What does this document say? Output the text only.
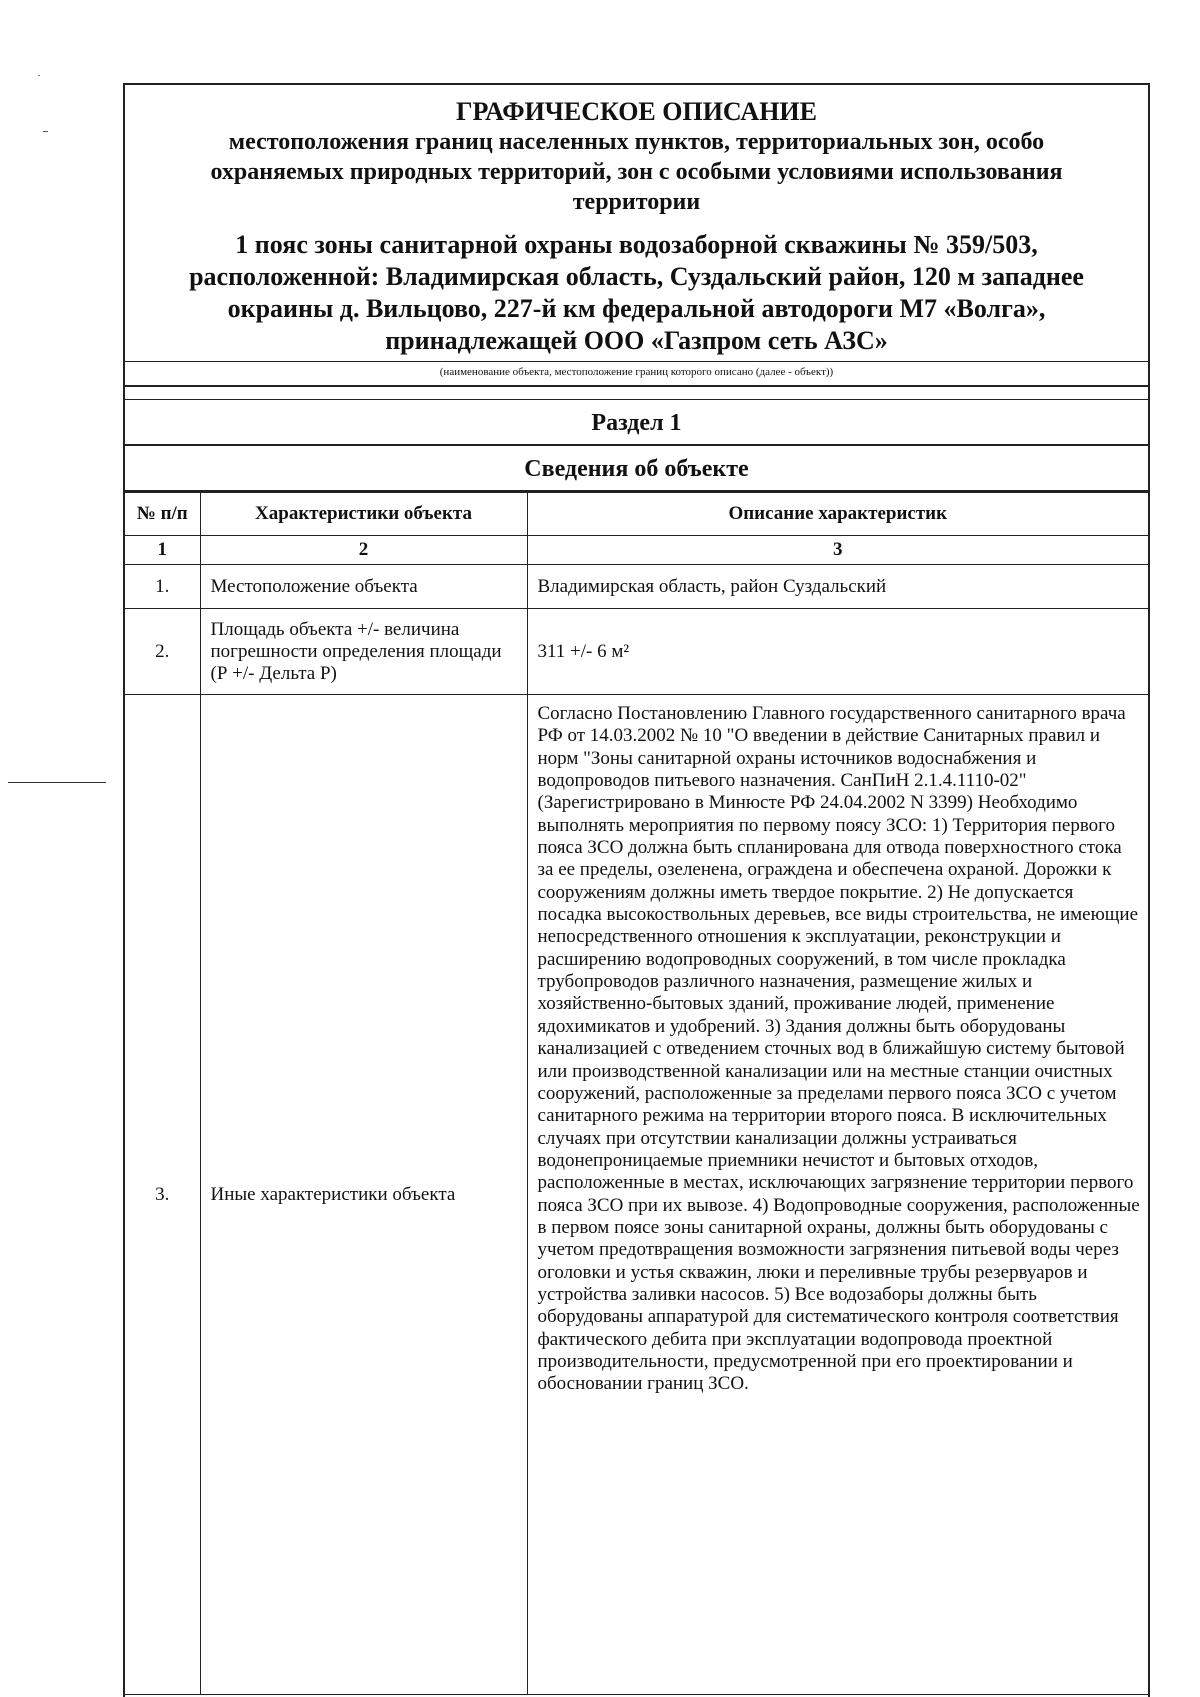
ГРАФИЧЕСКОЕ ОПИСАНИЕ
местоположения границ населенных пунктов, территориальных зон, особо
охраняемых природных территорий, зон с особыми условиями использования
территории
1 пояс зоны санитарной охраны водозаборной скважины № 359/503,
расположенной: Владимирская область, Суздальский район, 120 м западнее
окраины д. Вильцово, 227-й км федеральной автодороги М7 «Волга»,
принадлежащей ООО «Газпром сеть АЗС»
(наименование объекта, местоположение границ которого описано (далее - объект))
Раздел 1
Сведения об объекте
№ п/п	Характеристики объекта	Описание характеристик
1	2	3
1.	Местоположение объекта	Владимирская область, район Суздальский
2.	Площадь объекта +/- величина погрешности определения площади (Р +/- Дельта Р)	311 +/- 6 м²
3.	Иные характеристики объекта	Согласно Постановлению Главного государственного санитарного врача РФ от 14.03.2002 № 10 "О введении в действие Санитарных правил и норм "Зоны санитарной охраны источников водоснабжения и водопроводов питьевого назначения. СанПиН 2.1.4.1110-02" (Зарегистрировано в Минюсте РФ 24.04.2002 N 3399) Необходимо выполнять мероприятия по первому поясу ЗСО: 1) Территория первого пояса ЗСО должна быть спланирована для отвода поверхностного стока за ее пределы, озеленена, ограждена и обеспечена охраной. Дорожки к сооружениям должны иметь твердое покрытие. 2) Не допускается посадка высокоствольных деревьев, все виды строительства, не имеющие непосредственного отношения к эксплуатации, реконструкции и расширению водопроводных сооружений, в том числе прокладка трубопроводов различного назначения, размещение жилых и хозяйственно-бытовых зданий, проживание людей, применение ядохимикатов и удобрений. 3) Здания должны быть оборудованы канализацией с отведением сточных вод в ближайшую систему бытовой или производственной канализации или на местные станции очистных сооружений, расположенные за пределами первого пояса ЗСО с учетом санитарного режима на территории второго пояса. В исключительных случаях при отсутствии канализации должны устраиваться водонепроницаемые приемники нечистот и бытовых отходов, расположенные в местах, исключающих загрязнение территории первого пояса ЗСО при их вывозе. 4) Водопроводные сооружения, расположенные в первом поясе зоны санитарной охраны, должны быть оборудованы с учетом предотвращения возможности загрязнения питьевой воды через оголовки и устья скважин, люки и переливные трубы резервуаров и устройства заливки насосов. 5) Все водозаборы должны быть оборудованы аппаратурой для систематического контроля соответствия фактического дебита при эксплуатации водопровода проектной производительности, предусмотренной при его проектировании и обосновании границ ЗСО.
